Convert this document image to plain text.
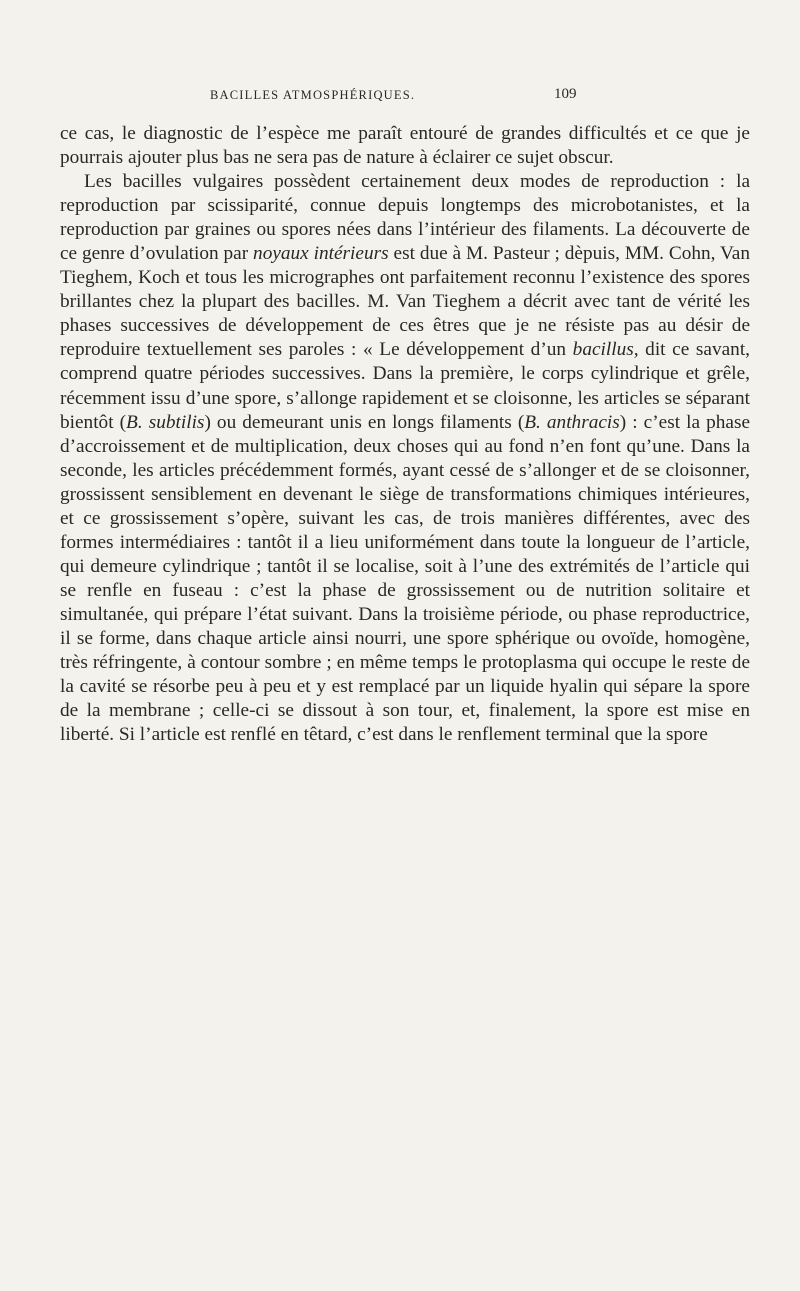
BACILLES ATMOSPHÉRIQUES.	109

ce cas, le diagnostic de l’espèce me paraît entouré de grandes difficultés et ce que je pourrais ajouter plus bas ne sera pas de nature à éclairer ce sujet obscur.

Les bacilles vulgaires possèdent certainement deux modes de reproduction : la reproduction par scissiparité, connue depuis longtemps des microbotanistes, et la reproduction par graines ou spores nées dans l’intérieur des filaments. La découverte de ce genre d’ovulation par noyaux intérieurs est due à M. Pasteur ; dèpuis, MM. Cohn, Van Tieghem, Koch et tous les micrographes ont parfaitement reconnu l’existence des spores brillantes chez la plupart des bacilles. M. Van Tieghem a décrit avec tant de vérité les phases successives de développement de ces êtres que je ne résiste pas au désir de reproduire textuellement ses paroles : « Le développement d’un bacillus, dit ce savant, comprend quatre périodes successives. Dans la première, le corps cylindrique et grêle, récemment issu d’une spore, s’allonge rapidement et se cloisonne, les articles se séparant bientôt (B. subtilis) ou demeurant unis en longs filaments (B. anthracis) : c’est la phase d’accroissement et de multiplication, deux choses qui au fond n’en font qu’une. Dans la seconde, les articles précédemment formés, ayant cessé de s’allonger et de se cloisonner, grossissent sensiblement en devenant le siège de transformations chimiques intérieures, et ce grossissement s’opère, suivant les cas, de trois manières différentes, avec des formes intermédiaires : tantôt il a lieu uniformément dans toute la longueur de l’article, qui demeure cylindrique ; tantôt il se localise, soit à l’une des extrémités de l’article qui se renfle en fuseau : c’est la phase de grossissement ou de nutrition solitaire et simultanée, qui prépare l’état suivant. Dans la troisième période, ou phase reproductrice, il se forme, dans chaque article ainsi nourri, une spore sphérique ou ovoïde, homogène, très réfringente, à contour sombre ; en même temps le protoplasma qui occupe le reste de la cavité se résorbe peu à peu et y est remplacé par un liquide hyalin qui sépare la spore de la membrane ; celle-ci se dissout à son tour, et, finalement, la spore est mise en liberté. Si l’article est renflé en têtard, c’est dans le renflement terminal que la spore
